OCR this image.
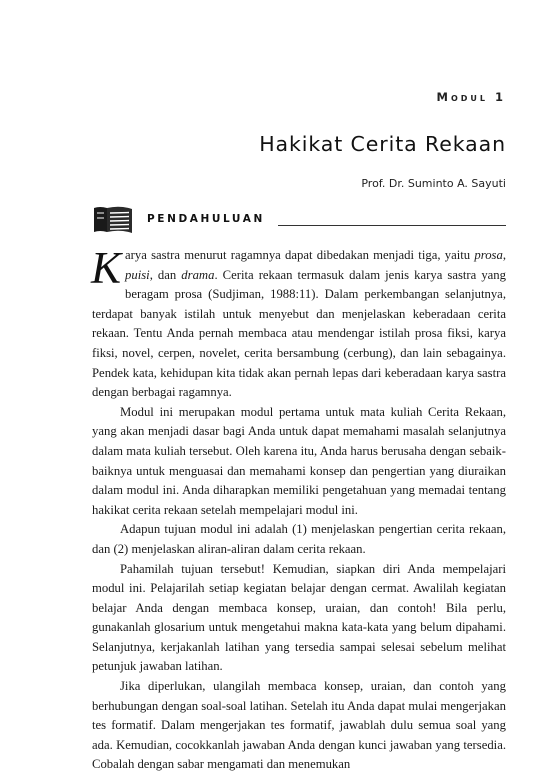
Modul 1
Hakikat Cerita Rekaan
Prof. Dr. Suminto A. Sayuti
PENDAHULUAN

Karya sastra menurut ragamnya dapat dibedakan menjadi tiga, yaitu prosa, puisi, dan drama. Cerita rekaan termasuk dalam jenis karya sastra yang beragam prosa (Sudjiman, 1988:11). Dalam perkembangan selanjutnya, terdapat banyak istilah untuk menyebut dan menjelaskan keberadaan cerita rekaan. Tentu Anda pernah membaca atau mendengar istilah prosa fiksi, karya fiksi, novel, cerpen, novelet, cerita bersambung (cerbung), dan lain sebagainya. Pendek kata, kehidupan kita tidak akan pernah lepas dari keberadaan karya sastra dengan berbagai ragamnya.

Modul ini merupakan modul pertama untuk mata kuliah Cerita Rekaan, yang akan menjadi dasar bagi Anda untuk dapat memahami masalah selanjutnya dalam mata kuliah tersebut. Oleh karena itu, Anda harus berusaha dengan sebaik-baiknya untuk menguasai dan memahami konsep dan pengertian yang diuraikan dalam modul ini. Anda diharapkan memiliki pengetahuan yang memadai tentang hakikat cerita rekaan setelah mempelajari modul ini.

Adapun tujuan modul ini adalah (1) menjelaskan pengertian cerita rekaan, dan (2) menjelaskan aliran-aliran dalam cerita rekaan.

Pahamilah tujuan tersebut! Kemudian, siapkan diri Anda mempelajari modul ini. Pelajarilah setiap kegiatan belajar dengan cermat. Awalilah kegiatan belajar Anda dengan membaca konsep, uraian, dan contoh! Bila perlu, gunakanlah glosarium untuk mengetahui makna kata-kata yang belum dipahami. Selanjutnya, kerjakanlah latihan yang tersedia sampai selesai sebelum melihat petunjuk jawaban latihan.

Jika diperlukan, ulangilah membaca konsep, uraian, dan contoh yang berhubungan dengan soal-soal latihan. Setelah itu Anda dapat mulai mengerjakan tes formatif. Dalam mengerjakan tes formatif, jawablah dulu semua soal yang ada. Kemudian, cocokkanlah jawaban Anda dengan kunci jawaban yang tersedia. Cobalah dengan sabar mengamati dan menemukan
